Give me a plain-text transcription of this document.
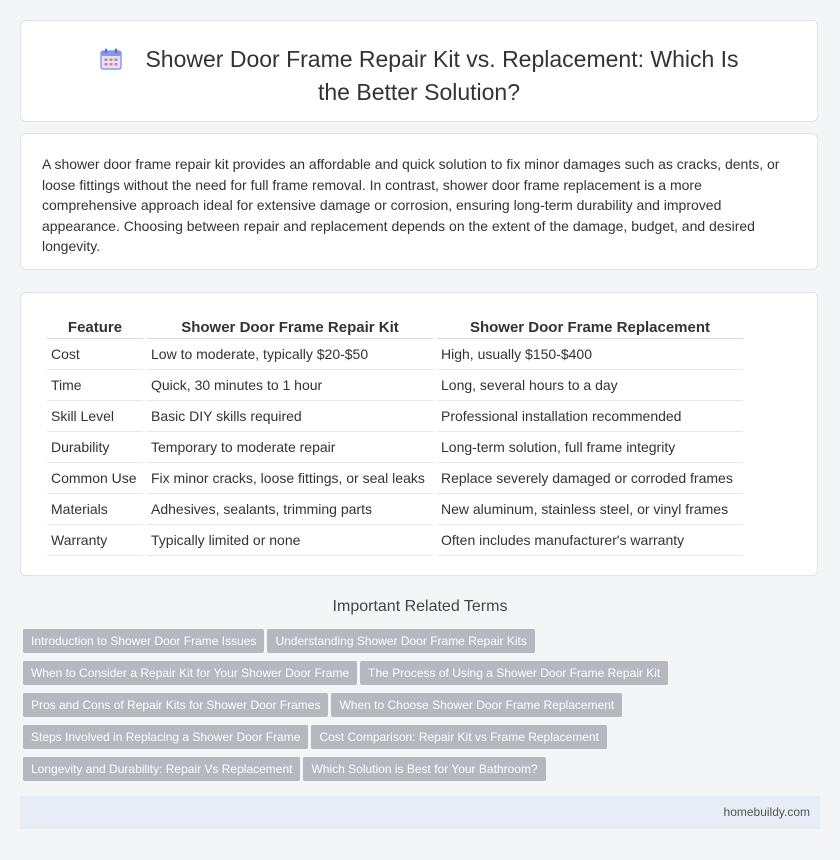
Shower Door Frame Repair Kit vs. Replacement: Which Is the Better Solution?

A shower door frame repair kit provides an affordable and quick solution to fix minor damages such as cracks, dents, or loose fittings without the need for full frame removal. In contrast, shower door frame replacement is a more comprehensive approach ideal for extensive damage or corrosion, ensuring long-term durability and improved appearance. Choosing between repair and replacement depends on the extent of the damage, budget, and desired longevity.

Feature	Shower Door Frame Repair Kit	Shower Door Frame Replacement
Cost	Low to moderate, typically $20-$50	High, usually $150-$400
Time	Quick, 30 minutes to 1 hour	Long, several hours to a day
Skill Level	Basic DIY skills required	Professional installation recommended
Durability	Temporary to moderate repair	Long-term solution, full frame integrity
Common Use	Fix minor cracks, loose fittings, or seal leaks	Replace severely damaged or corroded frames
Materials	Adhesives, sealants, trimming parts	New aluminum, stainless steel, or vinyl frames
Warranty	Typically limited or none	Often includes manufacturer's warranty
Important Related Terms
Introduction to Shower Door Frame Issues Understanding Shower Door Frame Repair Kits
When to Consider a Repair Kit for Your Shower Door Frame The Process of Using a Shower Door Frame Repair Kit
Pros and Cons of Repair Kits for Shower Door Frames When to Choose Shower Door Frame Replacement
Steps Involved in Replacing a Shower Door Frame Cost Comparison: Repair Kit vs Frame Replacement
Longevity and Durability: Repair Vs Replacement Which Solution is Best for Your Bathroom?
homebuildy.com
